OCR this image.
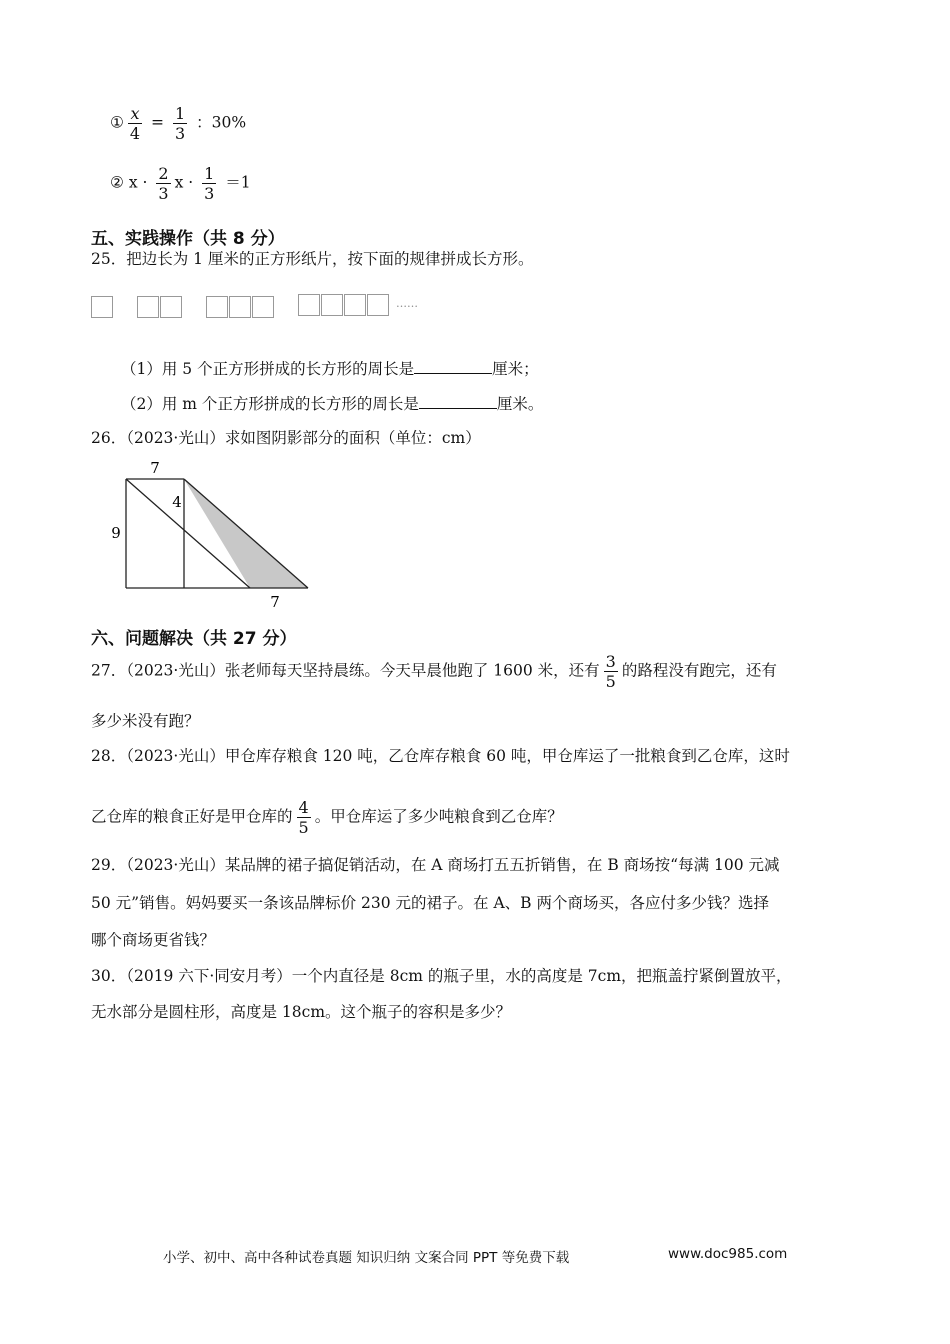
① $\frac{x}{4} = \frac{1}{3}$ ：30%
② $x \cdot \frac{2}{3}$ $x \cdot \frac{1}{3} =1$
五、实践操作（共 8 分）
25．把边长为 1 厘米的正方形纸片，按下面的规律拼成长方形。
……
（1）用 5 个正方形拼成的长方形的周长是	厘米；
（2）用 m 个正方形拼成的长方形的周长是	厘米。
26．（2023·光山）求如图阴影部分的面积（单位：cm）
7
4
9
7
六、问题解决（共 27 分）
27．（2023·光山）张老师每天坚持晨练。今天早晨他跑了 1600 米，还有 $\frac{3}{5}$ 的路程没有跑完，还有
多少米没有跑？
28．（2023·光山）甲仓库存粮食 120 吨，乙仓库存粮食 60 吨，甲仓库运了一批粮食到乙仓库，这时
乙仓库的粮食正好是甲仓库的 $\frac{4}{5}$ 。甲仓库运了多少吨粮食到乙仓库？
29．（2023·光山）某品牌的裙子搞促销活动，在 A 商场打五五折销售，在 B 商场按“每满 100 元减
50 元”销售。妈妈要买一条该品牌标价 230 元的裙子。在 A、B 两个商场买，各应付多少钱？选择
哪个商场更省钱？
30．（2019 六下·同安月考）一个内直径是 8cm 的瓶子里，水的高度是 7cm，把瓶盖拧紧倒置放平，
无水部分是圆柱形，高度是 18cm。这个瓶子的容积是多少？
小学、初中、高中各种试卷真题 知识归纳 文案合同 PPT 等免费下载	www.doc985.com
